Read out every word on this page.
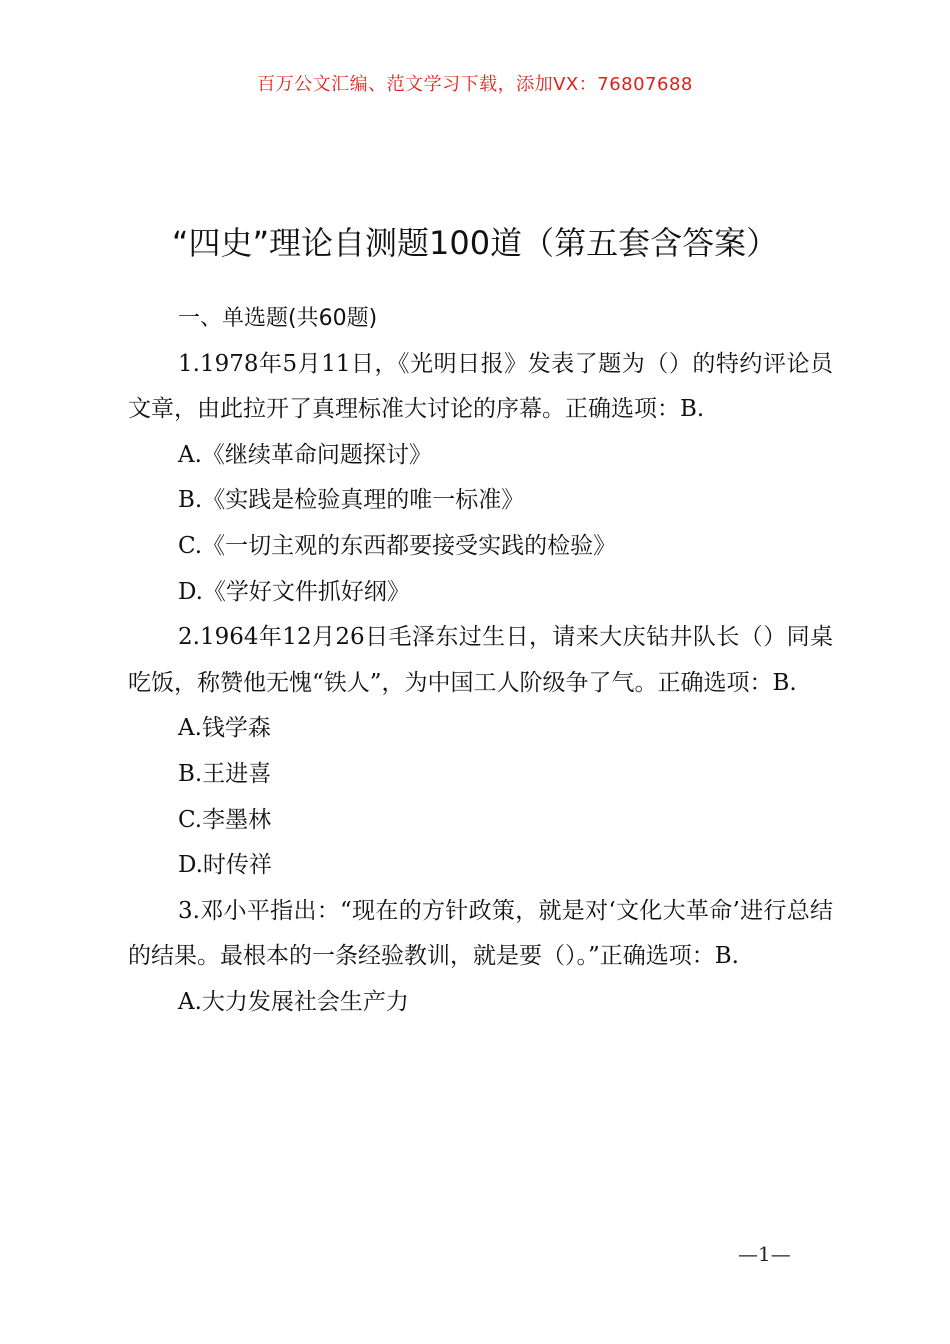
百万公文汇编、范文学习下载，添加VX：76807688
“四史”理论自测题100道（第五套含答案）

一、单选题(共60题)

1.1978年5月11日，《光明日报》发表了题为（）的特约评论员文章，由此拉开了真理标准大讨论的序幕。正确选项：B.

A.《继续革命问题探讨》

B.《实践是检验真理的唯一标准》

C.《一切主观的东西都要接受实践的检验》

D.《学好文件抓好纲》

2.1964年12月26日毛泽东过生日，请来大庆钻井队长（）同桌吃饭，称赞他无愧“铁人”，为中国工人阶级争了气。正确选项：B.

A.钱学森

B.王进喜

C.李墨林

D.时传祥

3.邓小平指出：“现在的方针政策，就是对‘文化大革命’进行总结的结果。最根本的一条经验教训，就是要（）。”正确选项：B.

A.大力发展社会生产力

—1—
